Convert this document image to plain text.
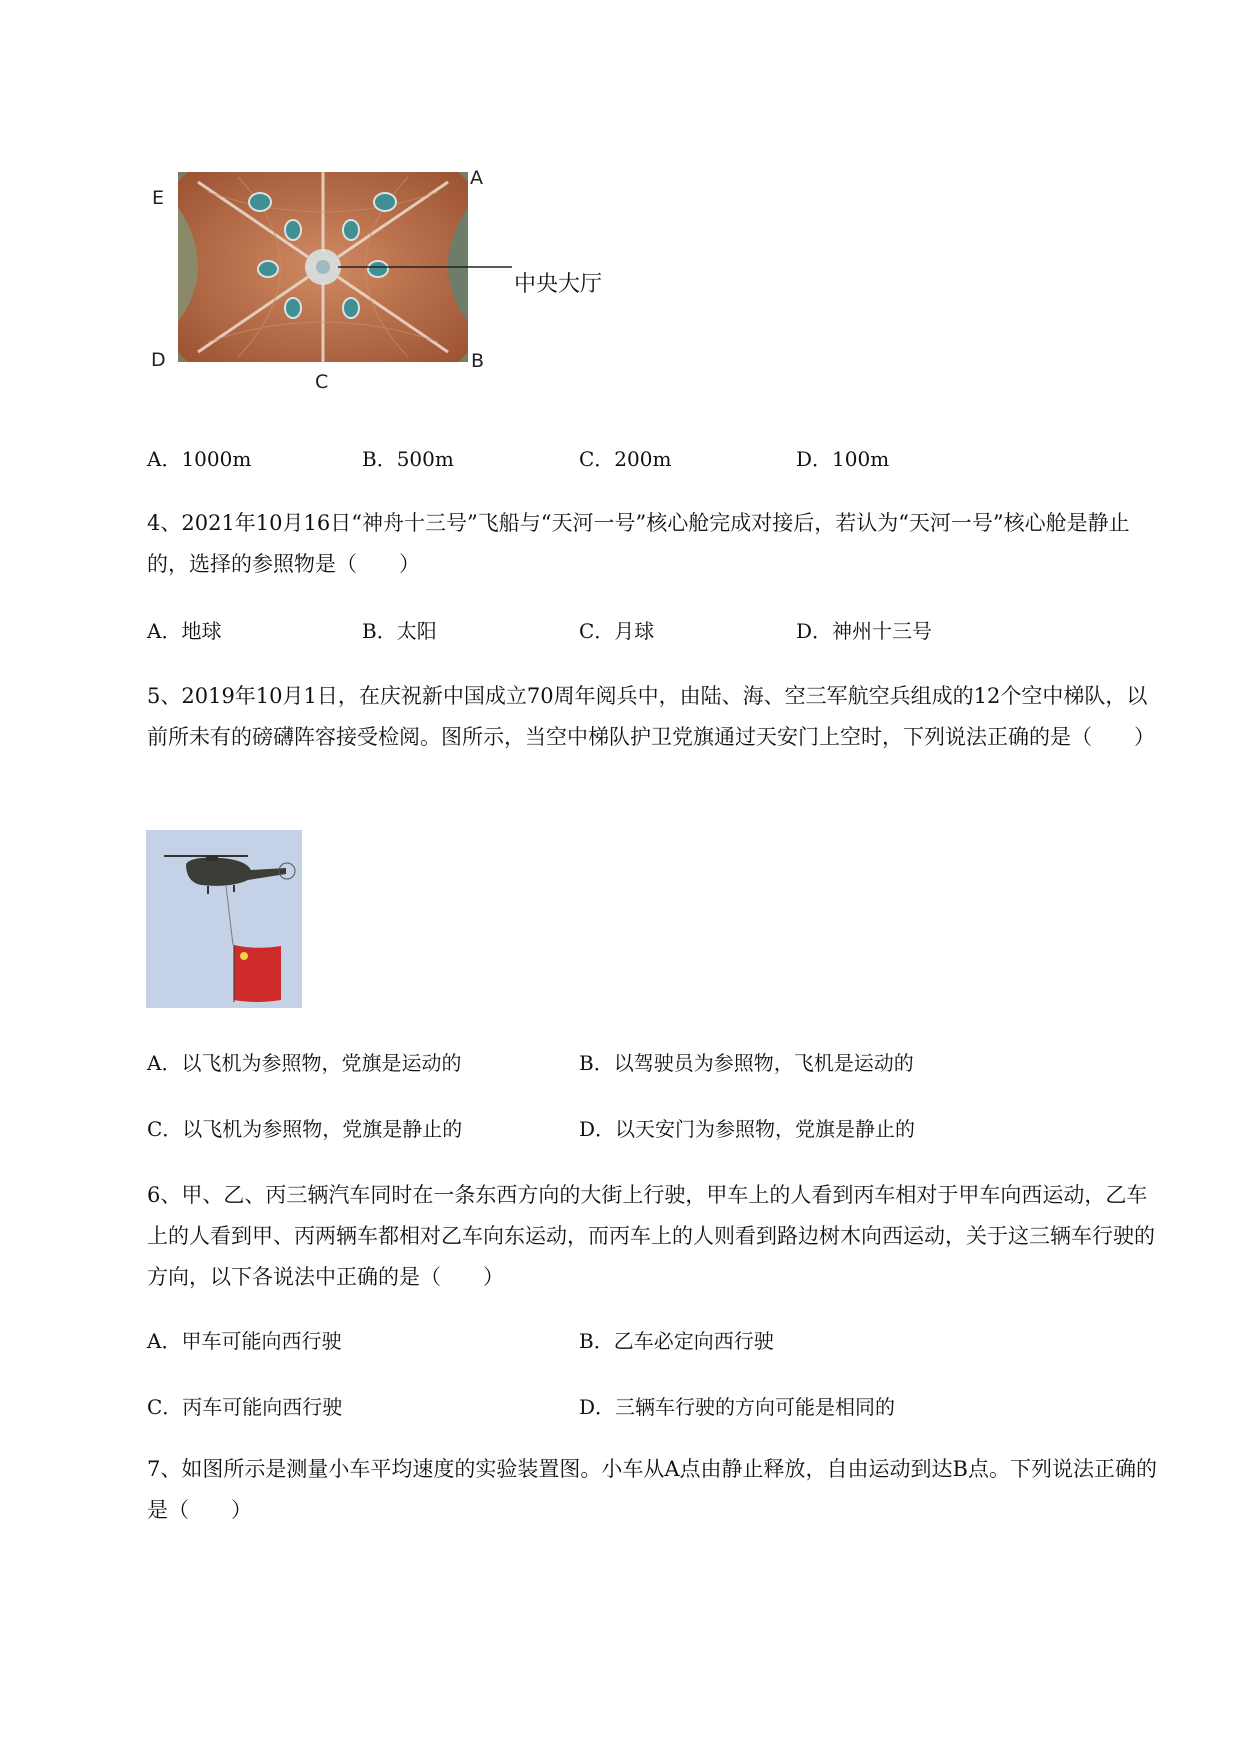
中央大厅
E
A
D	B
C
A．1000m	B．500m	C．200m	D．100m
4、2021年10月16日“神舟十三号”飞船与“天河一号”核心舱完成对接后，若认为“天河一号”核心舱是静止的，选择的参照物是（　　）
A．地球	B．太阳	C．月球	D．神州十三号
5、2019年10月1日，在庆祝新中国成立70周年阅兵中，由陆、海、空三军航空兵组成的12个空中梯队，以前所未有的磅礴阵容接受检阅。图所示，当空中梯队护卫党旗通过天安门上空时，下列说法正确的是（　　）
A．以飞机为参照物，党旗是运动的	B．以驾驶员为参照物，飞机是运动的
C．以飞机为参照物，党旗是静止的	D．以天安门为参照物，党旗是静止的
6、甲、乙、丙三辆汽车同时在一条东西方向的大街上行驶，甲车上的人看到丙车相对于甲车向西运动，乙车上的人看到甲、丙两辆车都相对乙车向东运动，而丙车上的人则看到路边树木向西运动，关于这三辆车行驶的方向，以下各说法中正确的是（　　）
A．甲车可能向西行驶	B．乙车必定向西行驶
C．丙车可能向西行驶	D．三辆车行驶的方向可能是相同的
7、如图所示是测量小车平均速度的实验装置图。小车从A点由静止释放，自由运动到达B点。下列说法正确的是（　　）
